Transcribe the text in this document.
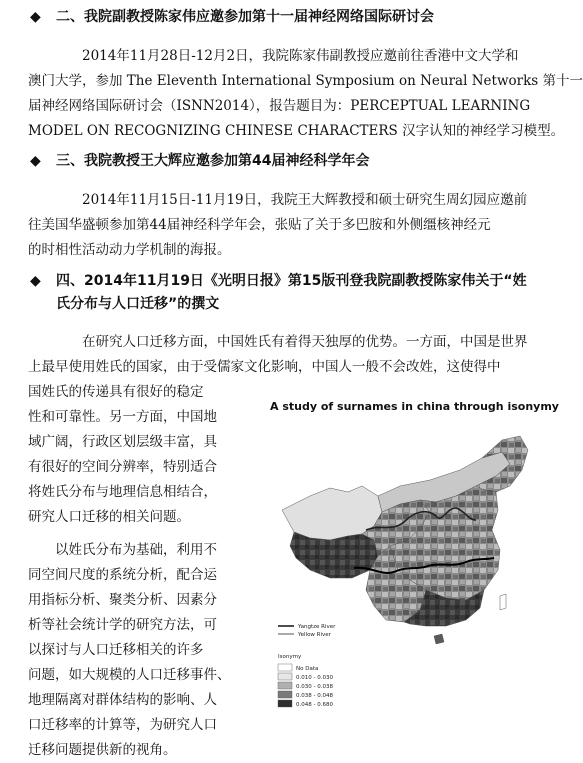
◆ 二、我院副教授陈家伟应邀参加第十一届神经网络国际研讨会
2014年11月28日-12月2日，我院陈家伟副教授应邀前往香港中文大学和
澳门大学，参加 The Eleventh International Symposium on Neural Networks 第十一
届神经网络国际研讨会（ISNN2014），报告题目为：PERCEPTUAL LEARNING
MODEL ON RECOGNIZING CHINESE CHARACTERS 汉字认知的神经学习模型。
◆ 三、我院教授王大辉应邀参加第44届神经科学年会
2014年11月15日-11月19日，我院王大辉教授和硕士研究生周幻园应邀前
往美国华盛顿参加第44届神经科学年会，张贴了关于多巴胺和外侧缰核神经元
的时相性活动动力学机制的海报。
◆ 四、2014年11月19日《光明日报》第15版刊登我院副教授陈家伟关于“姓
氏分布与人口迁移”的撰文
在研究人口迁移方面，中国姓氏有着得天独厚的优势。一方面，中国是世界
上最早使用姓氏的国家，由于受儒家文化影响，中国人一般不会改姓，这使得中
国姓氏的传递具有很好的稳定
性和可靠性。另一方面，中国地
域广阔，行政区划层级丰富，具
有很好的空间分辨率，特别适合
将姓氏分布与地理信息相结合，
研究人口迁移的相关问题。
以姓氏分布为基础，利用不
同空间尺度的系统分析，配合运
用指标分析、聚类分析、因素分
析等社会统计学的研究方法，可
以探讨与人口迁移相关的许多
问题，如大规模的人口迁移事件、
地理隔离对群体结构的影响、人
口迁移率的计算等，为研究人口
迁移问题提供新的视角。
A study of surnames in china through isonymy
Yangtze River
Yellow River
Isonymy
No Data
0.010 - 0.030
0.030 - 0.038
0.038 - 0.048
0.048 - 0.680
